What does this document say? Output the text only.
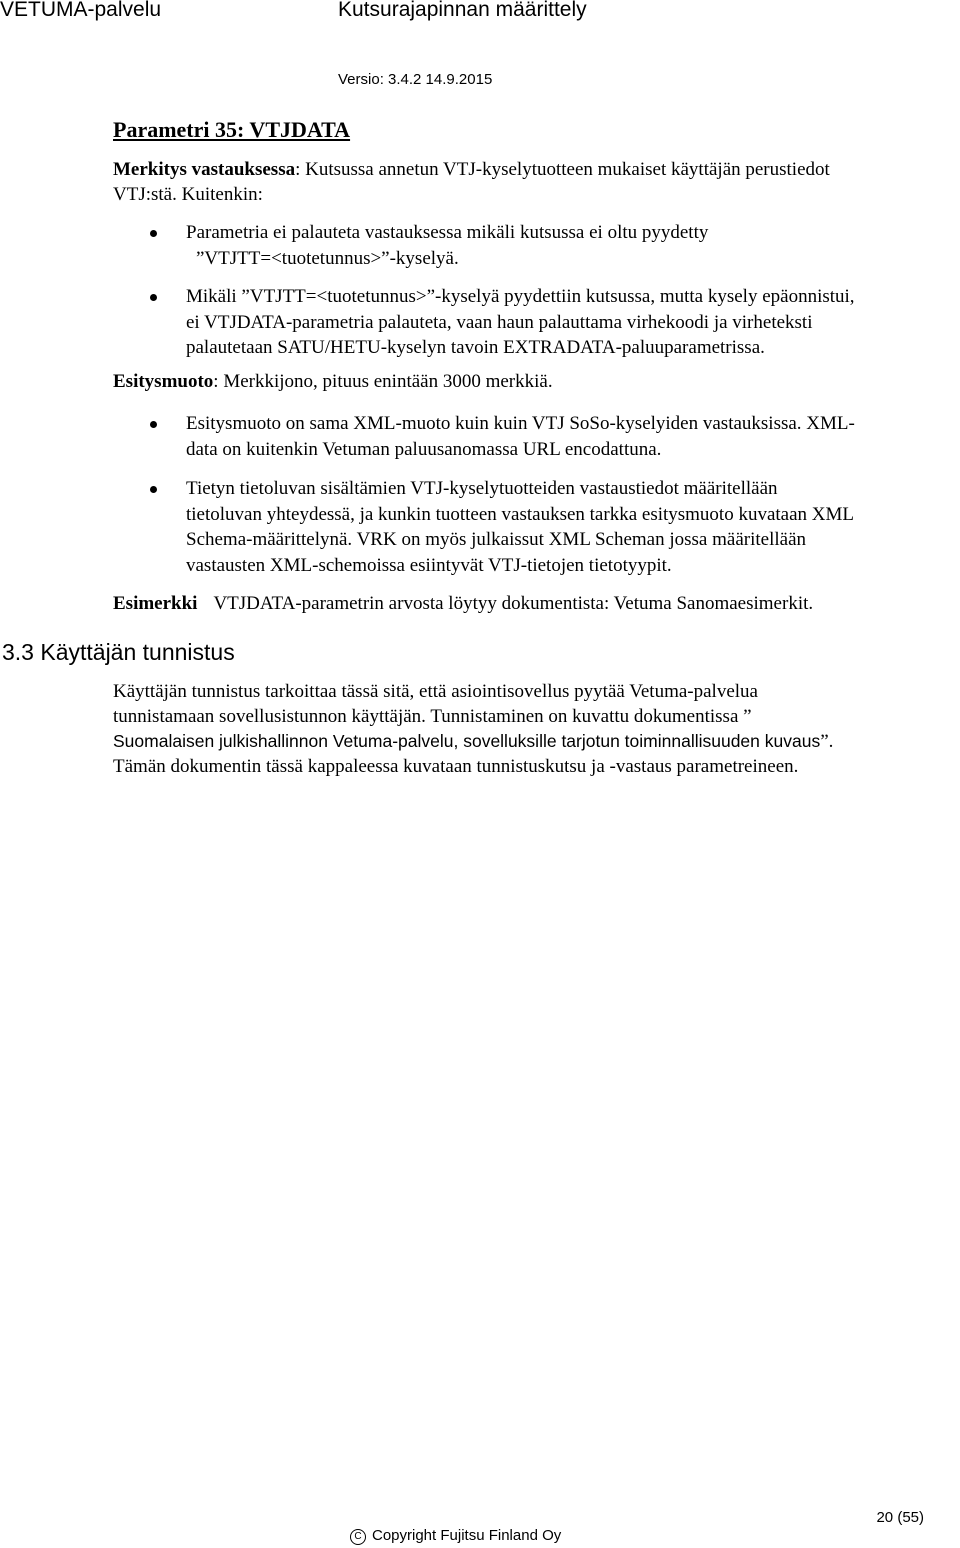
VETUMA-palvelu	Kutsurajapinnan määrittely
Versio: 3.4.2 14.9.2015
Parametri 35: VTJDATA
Merkitys vastauksessa: Kutsussa annetun VTJ-kyselytuotteen mukaiset käyttäjän perustiedot
VTJ:stä. Kuitenkin:
Parametria ei palauteta vastauksessa mikäli kutsussa ei oltu pyydetty
”VTJTT=<tuotetunnus>”-kyselyä.
Mikäli ”VTJTT=<tuotetunnus>”-kyselyä pyydettiin kutsussa, mutta kysely epäonnistui,
ei VTJDATA-parametria palauteta, vaan haun palauttama virhekoodi ja virheteksti
palautetaan SATU/HETU-kyselyn tavoin EXTRADATA-paluuparametrissa.
Esitysmuoto: Merkkijono, pituus enintään 3000 merkkiä.
Esitysmuoto on sama XML-muoto kuin kuin VTJ SoSo-kyselyiden vastauksissa. XML-
data on kuitenkin Vetuman paluusanomassa URL encodattuna.
Tietyn tietoluvan sisältämien VTJ-kyselytuotteiden vastaustiedot määritellään
tietoluvan yhteydessä, ja kunkin tuotteen vastauksen tarkka esitysmuoto kuvataan XML
Schema-määrittelynä. VRK on myös julkaissut XML Scheman jossa määritellään
vastausten XML-schemoissa esiintyvät VTJ-tietojen tietotyypit.
Esimerkki VTJDATA-parametrin arvosta löytyy dokumentista: Vetuma Sanomaesimerkit.
3.3 Käyttäjän tunnistus
Käyttäjän tunnistus tarkoittaa tässä sitä, että asiointisovellus pyytää Vetuma-palvelua
tunnistamaan sovellusistunnon käyttäjän. Tunnistaminen on kuvattu dokumentissa ”
Suomalaisen julkishallinnon Vetuma-palvelu, sovelluksille tarjotun toiminnallisuuden kuvaus”.
Tämän dokumentin tässä kappaleessa kuvataan tunnistuskutsu ja -vastaus parametreineen.
20 (55)
C Copyright Fujitsu Finland Oy
